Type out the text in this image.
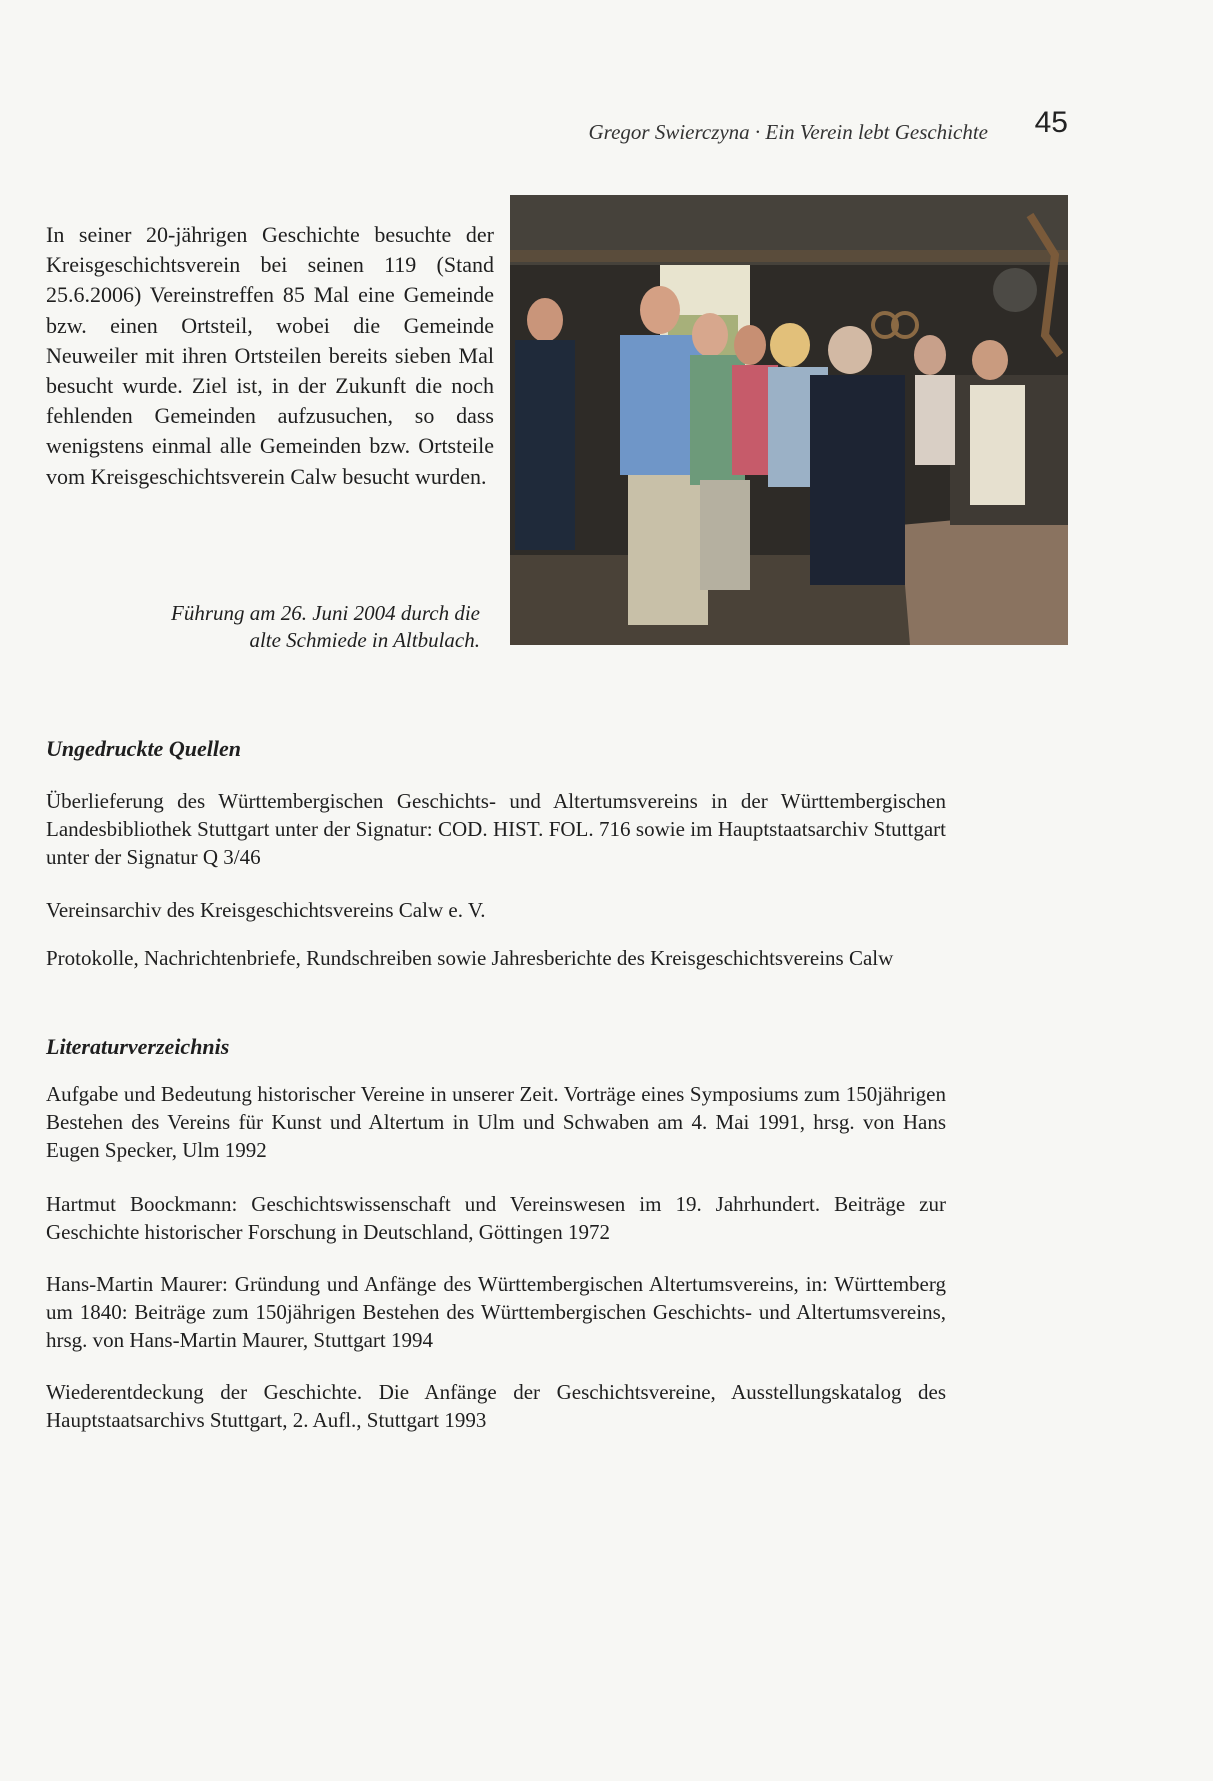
Gregor Swierczyna · Ein Verein lebt Geschichte 45

In seiner 20-jährigen Geschichte besuchte der Kreisgeschichtsverein bei seinen 119 (Stand 25.6.2006) Vereinstreffen 85 Mal eine Gemeinde bzw. einen Ortsteil, wobei die Gemeinde Neuweiler mit ihren Ortsteilen bereits sieben Mal besucht wurde. Ziel ist, in der Zukunft die noch fehlenden Gemeinden aufzusuchen, so dass wenigstens einmal alle Gemeinden bzw. Ortsteile vom Kreisgeschichtsverein Calw besucht wurden.

Führung am 26. Juni 2004 durch die
alte Schmiede in Altbulach.
Ungedruckte Quellen
Überlieferung des Württembergischen Geschichts- und Altertumsvereins in der Württembergischen Landesbibliothek Stuttgart unter der Signatur: COD. HIST. FOL. 716 sowie im Hauptstaatsarchiv Stuttgart unter der Signatur Q 3/46
Vereinsarchiv des Kreisgeschichtsvereins Calw e. V.
Protokolle, Nachrichtenbriefe, Rundschreiben sowie Jahresberichte des Kreisgeschichtsvereins Calw
Literaturverzeichnis
Aufgabe und Bedeutung historischer Vereine in unserer Zeit. Vorträge eines Symposiums zum 150jährigen Bestehen des Vereins für Kunst und Altertum in Ulm und Schwaben am 4. Mai 1991, hrsg. von Hans Eugen Specker, Ulm 1992
Hartmut Boockmann: Geschichtswissenschaft und Vereinswesen im 19. Jahrhundert. Beiträge zur Geschichte historischer Forschung in Deutschland, Göttingen 1972
Hans-Martin Maurer: Gründung und Anfänge des Württembergischen Altertumsvereins, in: Württemberg um 1840: Beiträge zum 150jährigen Bestehen des Württembergischen Geschichts- und Altertumsvereins, hrsg. von Hans-Martin Maurer, Stuttgart 1994
Wiederentdeckung der Geschichte. Die Anfänge der Geschichtsvereine, Ausstellungskatalog des Hauptstaatsarchivs Stuttgart, 2. Aufl., Stuttgart 1993
